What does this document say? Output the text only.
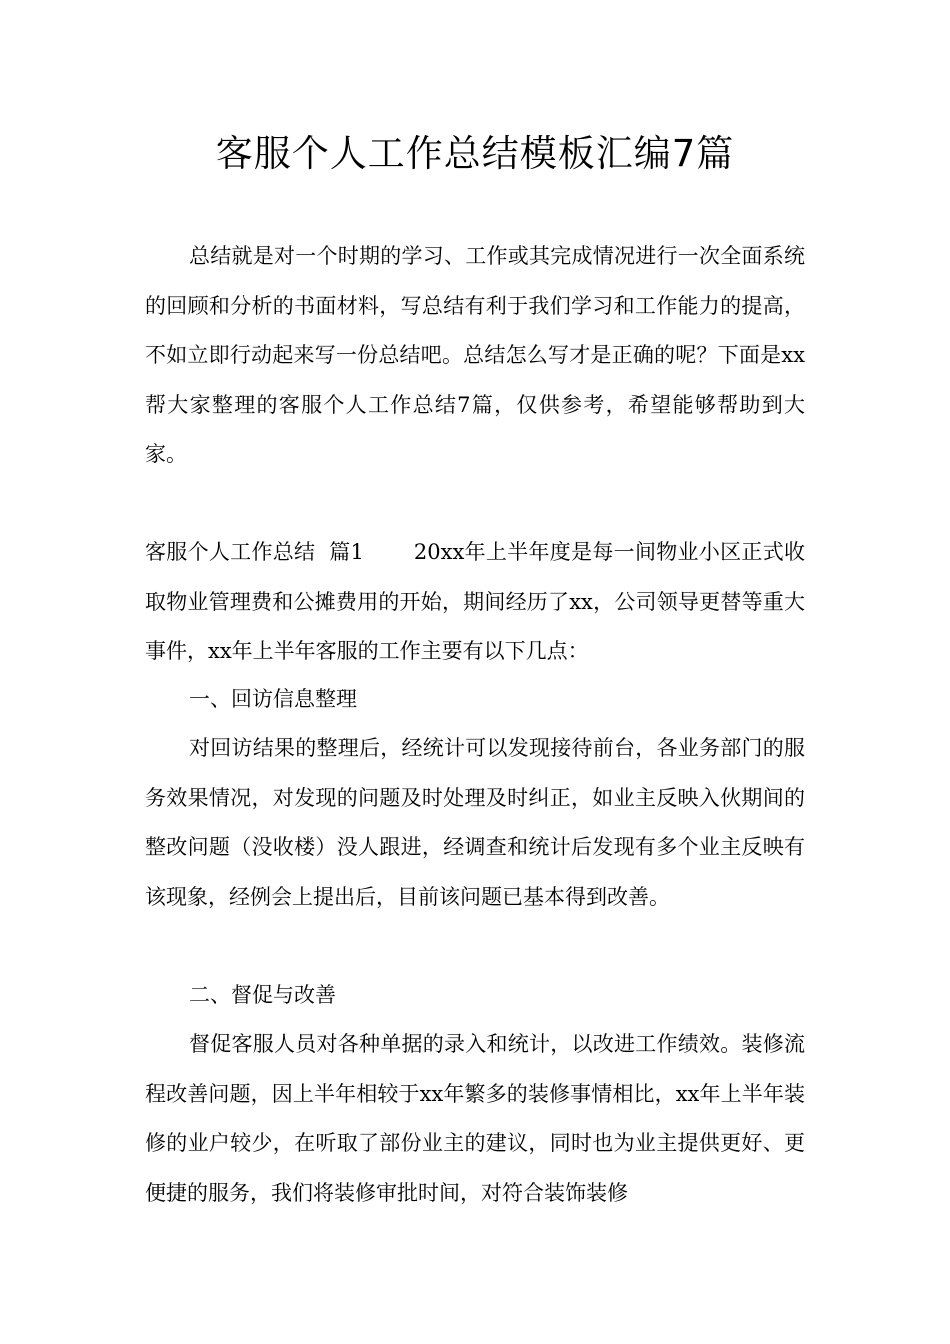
客服个人工作总结模板汇编7篇

总结就是对一个时期的学习、工作或其完成情况进行一次全面系统的回顾和分析的书面材料，写总结有利于我们学习和工作能力的提高，不如立即行动起来写一份总结吧。总结怎么写才是正确的呢？下面是xx帮大家整理的客服个人工作总结7篇，仅供参考，希望能够帮助到大家。

客服个人工作总结  篇1 20xx年上半年度是每一间物业小区正式收取物业管理费和公摊费用的开始，期间经历了xx，公司领导更替等重大事件，xx年上半年客服的工作主要有以下几点：

一、回访信息整理

对回访结果的整理后，经统计可以发现接待前台，各业务部门的服务效果情况，对发现的问题及时处理及时纠正，如业主反映入伙期间的整改问题（没收楼）没人跟进，经调查和统计后发现有多个业主反映有该现象，经例会上提出后，目前该问题已基本得到改善。

二、督促与改善

督促客服人员对各种单据的录入和统计，以改进工作绩效。装修流程改善问题，因上半年相较于xx年繁多的装修事情相比，xx年上半年装修的业户较少，在听取了部份业主的建议，同时也为业主提供更好、更便捷的服务，我们将装修审批时间，对符合装饰装修
